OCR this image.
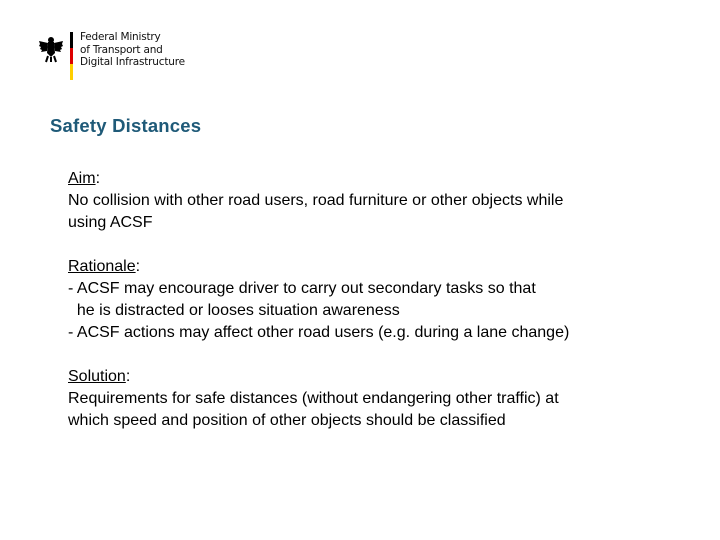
Federal Ministry
of Transport and
Digital Infrastructure
Safety Distances
Aim:
No collision with other road users, road furniture or other objects while
using ACSF
Rationale:
- ACSF may encourage driver to carry out secondary tasks so that
he is distracted or looses situation awareness
- ACSF actions may affect other road users (e.g. during a lane change)
Solution:
Requirements for safe distances (without endangering other traffic) at
which speed and position of other objects should be classified
